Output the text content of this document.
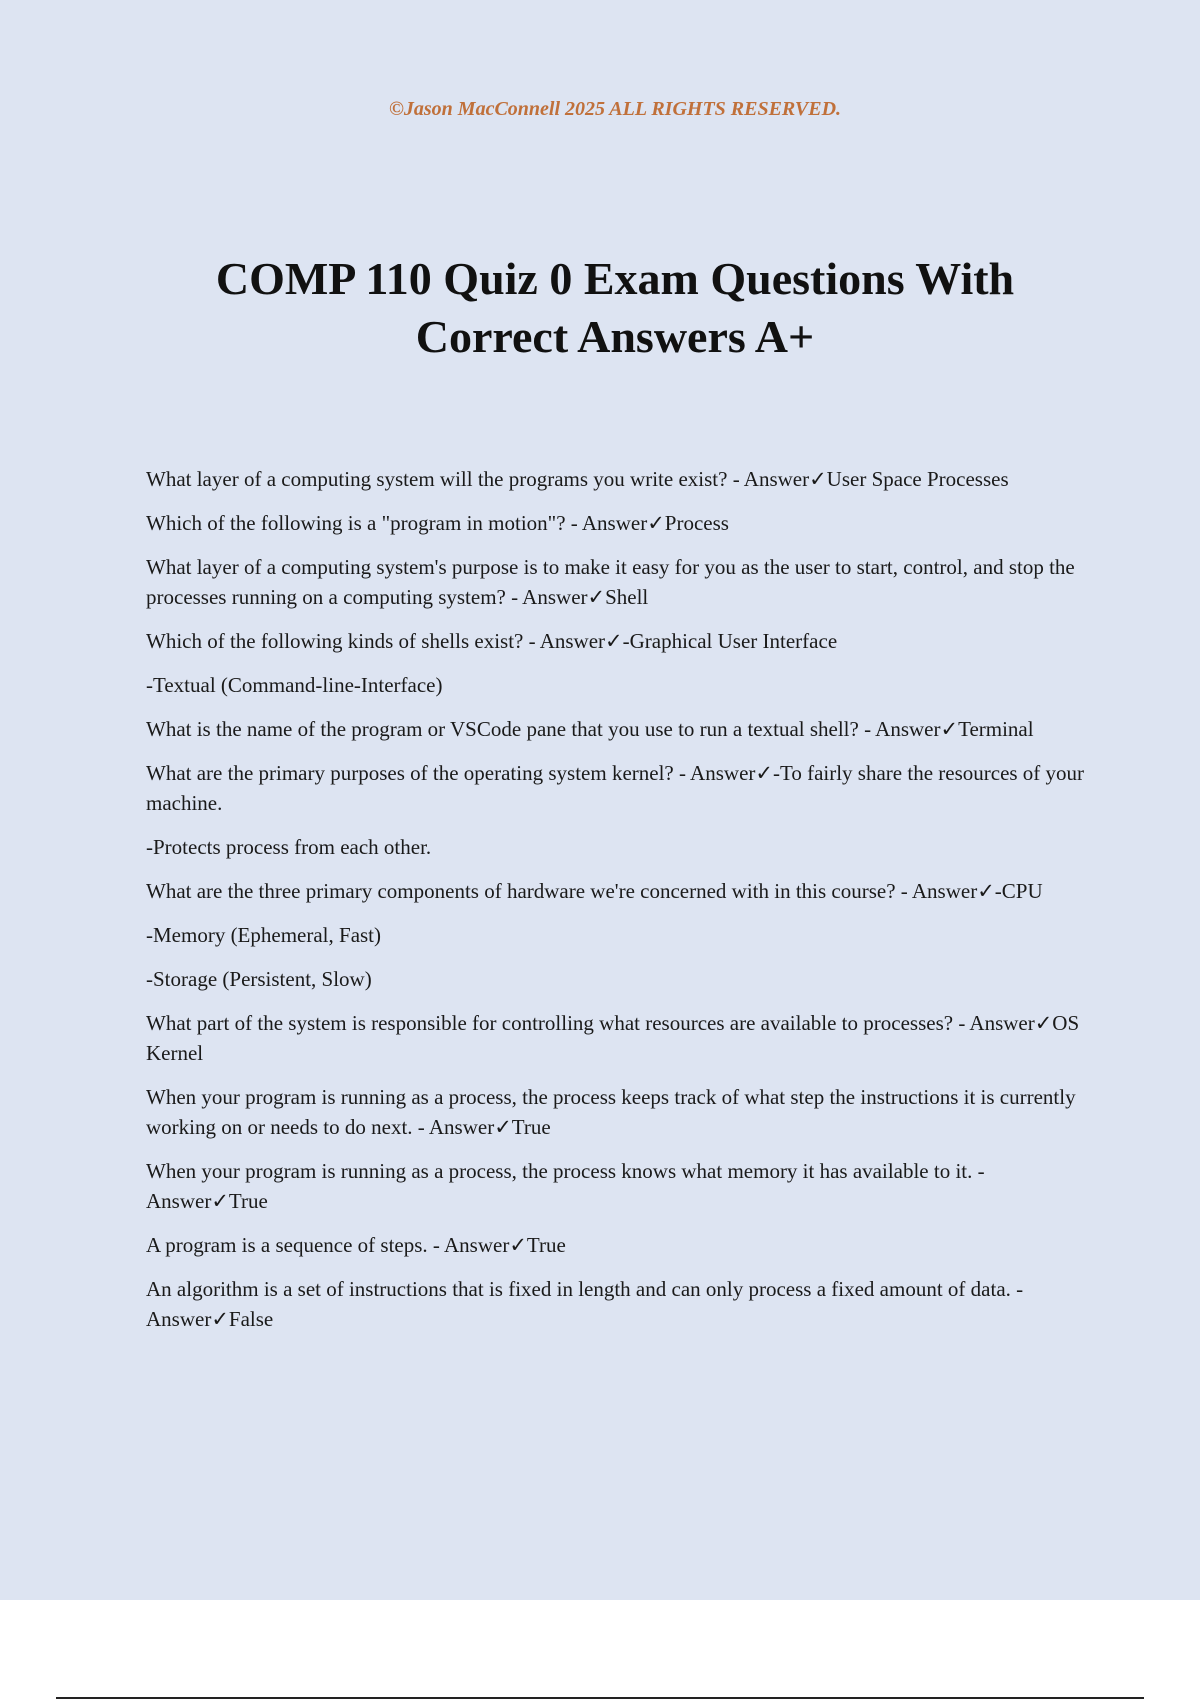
©Jason MacConnell 2025 ALL RIGHTS RESERVED.

COMP 110 Quiz 0 Exam Questions With Correct Answers A+
What layer of a computing system will the programs you write exist? - Answer✓User Space Processes
Which of the following is a "program in motion"? - Answer✓Process
What layer of a computing system's purpose is to make it easy for you as the user to start, control, and stop the processes running on a computing system? - Answer✓Shell
Which of the following kinds of shells exist? - Answer✓-Graphical User Interface
-Textual (Command-line-Interface)
What is the name of the program or VSCode pane that you use to run a textual shell? - Answer✓Terminal
What are the primary purposes of the operating system kernel? - Answer✓-To fairly share the resources of your machine.
-Protects process from each other.
What are the three primary components of hardware we're concerned with in this course? - Answer✓-CPU
-Memory (Ephemeral, Fast)
-Storage (Persistent, Slow)
What part of the system is responsible for controlling what resources are available to processes? - Answer✓OS Kernel
When your program is running as a process, the process keeps track of what step the instructions it is currently working on or needs to do next. - Answer✓True
When your program is running as a process, the process knows what memory it has available to it. - Answer✓True
A program is a sequence of steps. - Answer✓True
An algorithm is a set of instructions that is fixed in length and can only process a fixed amount of data. - Answer✓False
